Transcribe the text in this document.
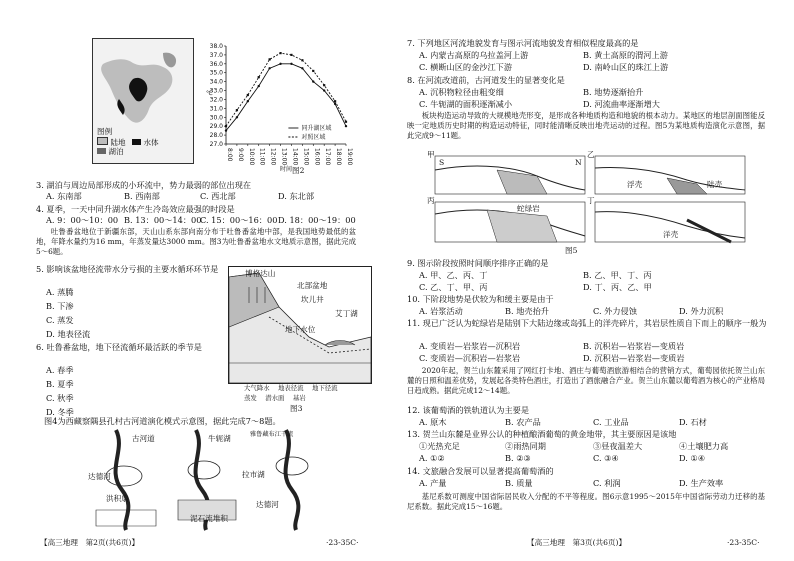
图例
陆地 水体
湖泊
27.0
28.0
29.0
30.0
31.0
32.0
33.0
34.0
35.0
36.0
37.0
38.0
8:00 9:00 10:00 11:00 12:00 13:00 14:00 15:00 16:00 17:00 18:00 19:00
℃
时间
同升湖区域
对照区域
图2
3. 湖泊与周边局部形成的小环流中，势力最弱的部位出现在
A. 东南部	B. 西南部	C. 西北部	D. 东北部
4. 夏季，一天中同升湖水体产生冷岛效应最强的时段是
A. 9：00～10：00 B. 13：00～14：00
C. 15：00～16：00 D. 18：00～19：00
吐鲁番盆地位于新疆东部，天山山系东部向南分布于吐鲁番盆地中部，是我国地势最低的盆地，年降水量约为16 mm，年蒸发量达3000 mm。图3为吐鲁番盆地水文地质示意图，据此完成5～6题。
5. 影响该盆地径流带水分亏损的主要水循环环节是
A. 蒸腾
B. 下渗
C. 蒸发
D. 地表径流
6. 吐鲁番盆地，地下径流循环最活跃的季节是
A. 春季
B. 夏季
C. 秋季
D. 冬季
博格达山
北部盆地
坎儿井
艾丁湖
地下水位
大气降水　 地表径流　 地下径流
蒸发　 潜水面　 基岩
图3
图4为西藏察隅县孔村古河道演化模式示意图，据此完成7～8题。
古河道
达德河
牛轭湖
洪积扇
泥石流堆积
雅鲁藏布江干流
拉市湖
达德河
【高三地理　第2页(共6页)】	·23-35C·
7. 下列地区河流地貌发育与图示河流地貌发育相似程度最高的是
A. 内蒙古高原的乌拉盖河上游	B. 黄土高原的渭河上游
C. 横断山区的金沙江下游	D. 南岭山区的珠江上游
8. 在河流改道前，古河道发生的显著变化是
A. 沉积物粒径由粗变细	B. 地势逐渐抬升
C. 牛轭湖的面积逐渐减小	D. 河流曲率逐渐增大
板块构造运动导致的大规模地壳形变，是形成各种地质构造和地貌的根本动力。某地区的地层剖面图能反映一定地质历史时期的构造运动特征，同时能清晰反映出地壳运动的过程。图5为某地质构造演化示意图，据此完成9～11题。
甲	乙
丙	丁
S	N
浮壳	陆壳
蛇绿岩
洋壳
图5
9. 图示阶段按照时间顺序排序正确的是
A. 甲、乙、丙、丁	B. 乙、甲、丁、丙
C. 乙、丁、甲、丙	D. 丁、丙、乙、甲
10. 下阶段地势是伏较为和缓主要是由于
A. 岩浆活动	B. 地壳抬升	C. 外力侵蚀	D. 外力沉积
11. 现已广泛认为蛇绿岩是陆别下大陆边缘或岛弧上的洋壳碎片，其岩层性质自下而上的顺序一般为
A. 变质岩—岩浆岩—沉积岩	B. 沉积岩—岩浆岩—变质岩
C. 变质岩—沉积岩—岩浆岩	D. 沉积岩—岩浆岩—变质岩
2020年起，贺兰山东麓采用了网红打卡地、酒庄与葡萄酒旅游相结合的营销方式，葡萄园依托贺兰山东麓的日照和温差优势，发展起各类特色酒庄，打造出了酒旅融合产业。贺兰山东麓以葡萄酒为核心的产业格局日趋成熟。据此完成12～14题。
12. 该葡萄酒的铁轨道认为主要是
A. 原木	B. 农产品	C. 工业品	D. 石材
13. 贺兰山东麓是业界公认的种植酿酒葡萄的黄金地带，其主要原因是该地
①光热充足	②雨热同期	③昼夜温差大	④土壤肥力高
A. ①②	B. ②③	C. ③④	D. ①④
14. 文旅融合发展可以显著提高葡萄酒的
A. 产量	B. 质量	C. 利润	D. 生产效率
基尼系数可测度中国省际居民收入分配的不平等程度。图6示意1995～2015年中国省际劳动力迁移的基尼系数。据此完成15～16题。
【高三地理　第3页(共6页)】	·23-35C·
